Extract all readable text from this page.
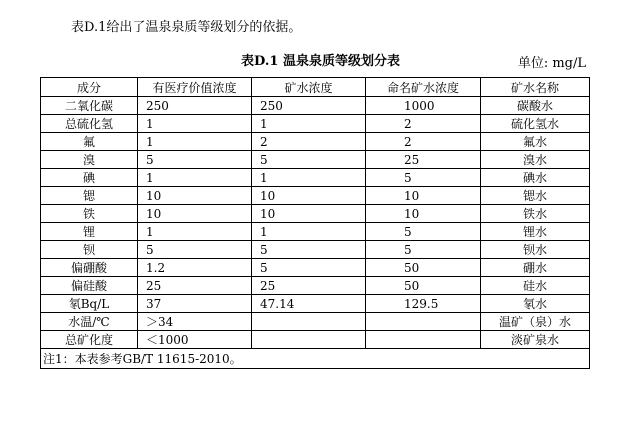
表D.1给出了温泉泉质等级划分的依据。
表D.1 温泉泉质等级划分表	单位: mg/L
成分	有医疗价值浓度	矿水浓度	命名矿水浓度	矿水名称
二氧化碳	250	250	1000	碳酸水
总硫化氢	1	1	2	硫化氢水
氟	1	2	2	氟水
溴	5	5	25	溴水
碘	1	1	5	碘水
锶	10	10	10	锶水
铁	10	10	10	铁水
锂	1	1	5	锂水
钡	5	5	5	钡水
偏硼酸	1.2	5	50	硼水
偏硅酸	25	25	50	硅水
氡Bq/L	37	47.14	129.5	氡水
水温/℃	＞34			温矿（泉）水
总矿化度	＜1000			淡矿泉水
注1：本表参考GB/T 11615-2010。				
